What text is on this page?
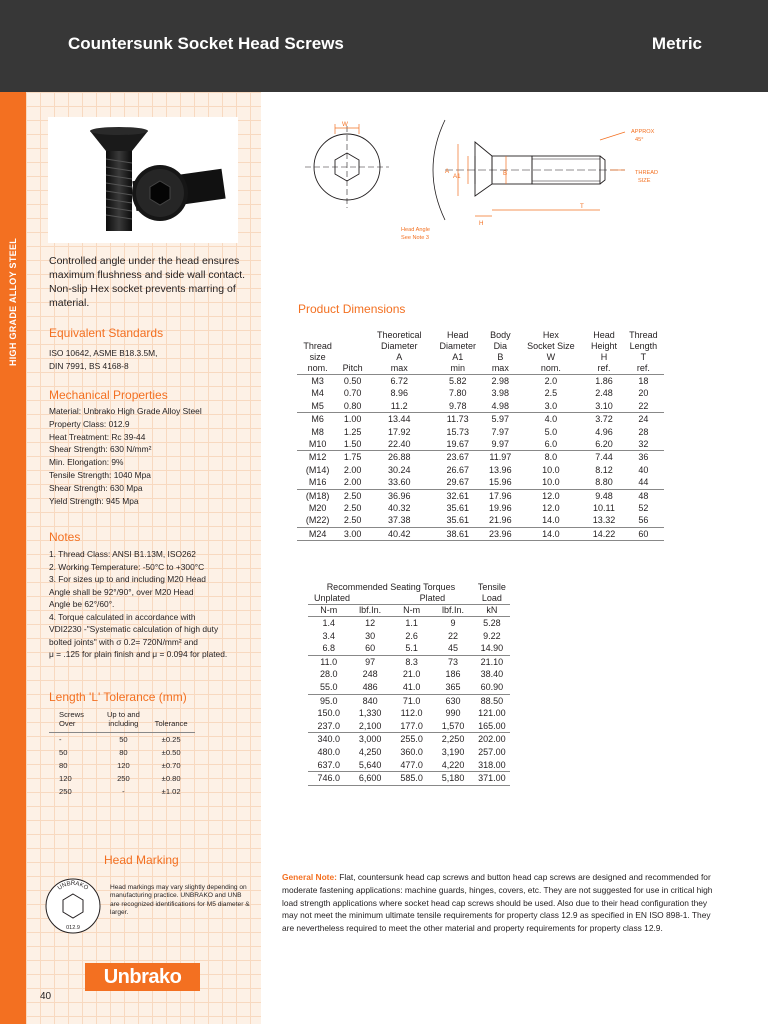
Countersunk Socket Head Screws	Metric
HIGH GRADE ALLOY STEEL	Controlled angle under the head ensures maximum flushness and side wall contact. Non-slip Hex socket prevents marring of material.
Equivalent Standards

ISO 10642, ASME B18.3.5M,

DIN 7991, BS 4168-8

Mechanical Properties

Material: Unbrako High Grade Alloy Steel

Property Class: 012.9

Heat Treatment: Rc 39-44

Shear Strength: 630 N/mm²

Min. Elongation: 9%

Tensile Strength: 1040 Mpa

Shear Strength: 630 Mpa

Yield Strength: 945 Mpa

Notes

1. Thread Class: ANSI B1.13M, ISO262

2. Working Temperature: -50°C to +300°C

3. For sizes up to and including M20 Head

Angle shall be 92°/90°, over M20 Head

Angle be 62°/60°.

4. Torque calculated in accordance with

VDI2230 -"Systematic calculation of high duty

bolted joints" with σ 0.2= 720N/mm² and

μ = .125 for plain finish and μ = 0.094 for plated.

Length 'L' Tolerance (mm)
Screws
Over	Up to and
including	Tolerance

-	50	±0.25
50	80	±0.50
80	120	±0.70
120	250	±0.80
250	-	±1.02
Head Marking
UNBRAKO
012.9
Head markings may vary slightly depending on manufacturing practice. UNBRAKO and UNB are recognized identifications for M5 diameter & larger.
Unbrako
40
W
A
A1	B
H
T
APPROX
45°
THREAD
SIZE
Head Angle
See Note 3
Product Dimensions
		Theoretical	Head	Body	Hex	Head	Thread
Thread		Diameter	Diameter	Dia	Socket Size	Height	Length
size		A	A1	B	W	H	T
nom.	Pitch	max	min	max	nom.	ref.	ref.
M3	0.50	6.72	5.82	2.98	2.0	1.86	18
M4	0.70	8.96	7.80	3.98	2.5	2.48	20
M5	0.80	11.2	9.78	4.98	3.0	3.10	22
M6	1.00	13.44	11.73	5.97	4.0	3.72	24
M8	1.25	17.92	15.73	7.97	5.0	4.96	28
M10	1.50	22.40	19.67	9.97	6.0	6.20	32
M12	1.75	26.88	23.67	11.97	8.0	7.44	36
(M14)	2.00	30.24	26.67	13.96	10.0	8.12	40
M16	2.00	33.60	29.67	15.96	10.0	8.80	44
(M18)	2.50	36.96	32.61	17.96	12.0	9.48	48
M20	2.50	40.32	35.61	19.96	12.0	10.11	52
(M22)	2.50	37.38	35.61	21.96	14.0	13.32	56
M24	3.00	40.42	38.61	23.96	14.0	14.22	60
Recommended Seating Torques				Tensile
Load
Unplated		Plated		
N-m	lbf.In.	N-m	lbf.In.	kN
1.4	12	1.1	9	5.28
3.4	30	2.6	22	9.22
6.8	60	5.1	45	14.90
11.0	97	8.3	73	21.10
28.0	248	21.0	186	38.40
55.0	486	41.0	365	60.90
95.0	840	71.0	630	88.50
150.0	1,330	112.0	990	121.00
237.0	2,100	177.0	1,570	165.00
340.0	3,000	255.0	2,250	202.00
480.0	4,250	360.0	3,190	257.00
637.0	5,640	477.0	4,220	318.00
746.0	6,600	585.0	5,180	371.00
General Note: Flat, countersunk head cap screws and button head cap screws are designed and recommended for moderate fastening applications: machine guards, hinges, covers, etc. They are not suggested for use in critical high load strength applications where socket head cap screws should be used. Also due to their head configuration they may not meet the minimum ultimate tensile requirements for property class 12.9 as specified in EN ISO 898-1. They are nevertheless required to meet the other material and property requirements for property class 12.9.
